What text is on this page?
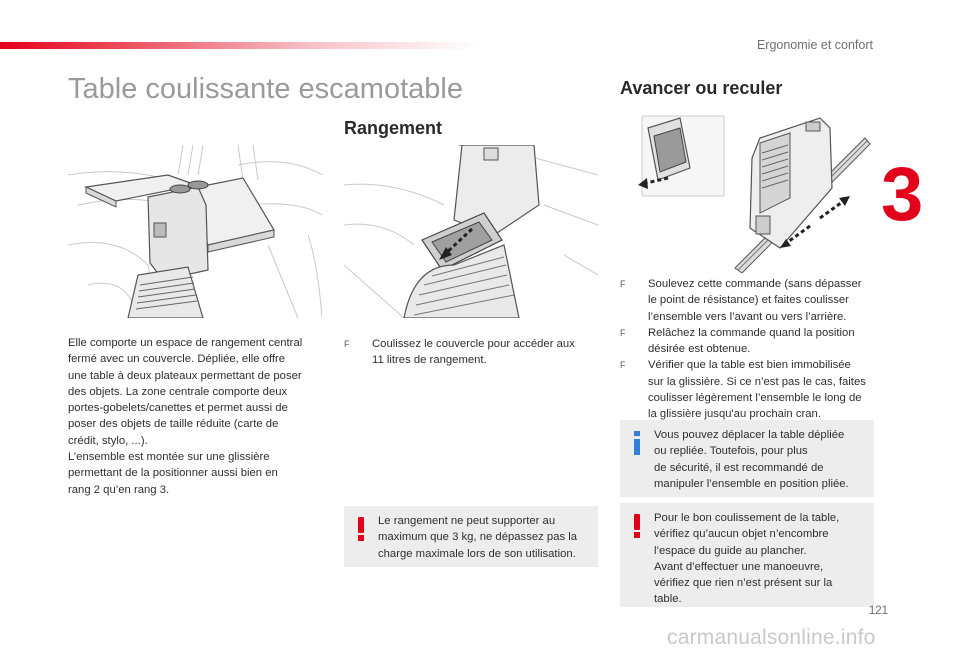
Ergonomie et confort
3
Table coulissante escamotable

Elle comporte un espace de rangement central

fermé avec un couvercle. Dépliée, elle offre

une table à deux plateaux permettant de poser

des objets. La zone centrale comporte deux

portes-gobelets/canettes et permet aussi de

poser des objets de taille réduite (carte de

crédit, stylo, ...).

L’ensemble est montée sur une glissière

permettant de la positionner aussi bien en

rang 2 qu’en rang 3.

Rangement
F Coulissez le couvercle pour accéder aux
11 litres de rangement.
Le rangement ne peut supporter au
maximum que 3 kg, ne dépassez pas la
charge maximale lors de son utilisation.
Avancer ou reculer
F Soulevez cette commande (sans dépasser
le point de résistance) et faites coulisser
l’ensemble vers l’avant ou vers l’arrière.
F Relâchez la commande quand la position
désirée est obtenue.
F Vérifier que la table est bien immobilisée
sur la glissière. Si ce n’est pas le cas, faites
coulisser légèrement l’ensemble le long de
la glissière jusqu'au prochain cran.
Vous pouvez déplacer la table dépliée
ou repliée. Toutefois, pour plus
de sécurité, il est recommandé de
manipuler l’ensemble en position pliée.
Pour le bon coulissement de la table,
vérifiez qu’aucun objet n’encombre
l’espace du guide au plancher.
Avant d’effectuer une manoeuvre,
vérifiez que rien n’est présent sur la
table.
121
carmanualsonline.info
